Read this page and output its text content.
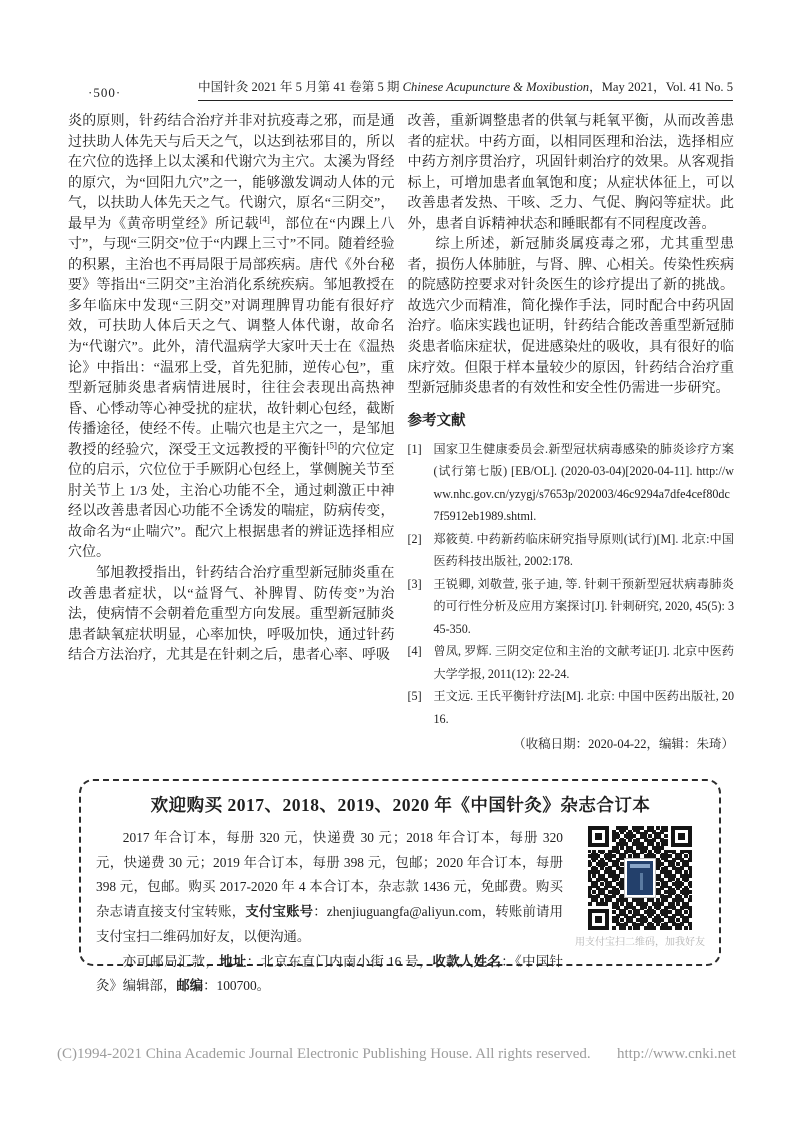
·500·	中国针灸 2021 年 5 月第 41 卷第 5 期 Chinese Acupuncture & Moxibustion，May 2021，Vol. 41 No. 5

炎的原则，针药结合治疗并非对抗疫毒之邪，而是通过扶助人体先天与后天之气，以达到祛邪目的，所以在穴位的选择上以太溪和代谢穴为主穴。太溪为肾经的原穴，为“回阳九穴”之一，能够激发调动人体的元气，以扶助人体先天之气。代谢穴，原名“三阴交”，最早为《黄帝明堂经》所记载[4]，部位在“内踝上八寸”，与现“三阴交”位于“内踝上三寸”不同。随着经验的积累，主治也不再局限于局部疾病。唐代《外台秘要》等指出“三阴交”主治消化系统疾病。邹旭教授在多年临床中发现“三阴交”对调理脾胃功能有很好疗效，可扶助人体后天之气、调整人体代谢，故命名为“代谢穴”。此外，清代温病学大家叶天士在《温热论》中指出：“温邪上受，首先犯肺，逆传心包”，重型新冠肺炎患者病情进展时，往往会表现出高热神昏、心悸动等心神受扰的症状，故针刺心包经，截断传播途径，使经不传。止喘穴也是主穴之一，是邹旭教授的经验穴，深受王文远教授的平衡针[5]的穴位定位的启示，穴位位于手厥阴心包经上，掌侧腕关节至肘关节上 1/3 处，主治心功能不全，通过刺激正中神经以改善患者因心功能不全诱发的喘症，防病传变，故命名为“止喘穴”。配穴上根据患者的辨证选择相应穴位。

邹旭教授指出，针药结合治疗重型新冠肺炎重在改善患者症状，以“益肾气、补脾胃、防传变”为治法，使病情不会朝着危重型方向发展。重型新冠肺炎患者缺氧症状明显，心率加快，呼吸加快，通过针药结合方法治疗，尤其是在针刺之后，患者心率、呼吸

改善，重新调整患者的供氧与耗氧平衡，从而改善患者的症状。中药方面，以相同医理和治法，选择相应中药方剂序贯治疗，巩固针刺治疗的效果。从客观指标上，可增加患者血氧饱和度；从症状体征上，可以改善患者发热、干咳、乏力、气促、胸闷等症状。此外，患者自诉精神状态和睡眠都有不同程度改善。

综上所述，新冠肺炎属疫毒之邪，尤其重型患者，损伤人体肺脏，与肾、脾、心相关。传染性疾病的院感防控要求对针灸医生的诊疗提出了新的挑战。故选穴少而精准，简化操作手法，同时配合中药巩固治疗。临床实践也证明，针药结合能改善重型新冠肺炎患者临床症状，促进感染灶的吸收，具有很好的临床疗效。但限于样本量较少的原因，针药结合治疗重型新冠肺炎患者的有效性和安全性仍需进一步研究。

参考文献
[1] 国家卫生健康委员会.新型冠状病毒感染的肺炎诊疗方案(试行第七版) [EB/OL]. (2020-03-04)[2020-04-11]. http://www.nhc.gov.cn/yzygj/s7653p/202003/46c9294a7dfe4cef80dc7f5912eb1989.shtml.
[2] 郑筱萸. 中药新药临床研究指导原则(试行)[M]. 北京:中国医药科技出版社, 2002:178.
[3] 王锐卿, 刘敬萱, 张子迪, 等. 针刺干预新型冠状病毒肺炎的可行性分析及应用方案探讨[J]. 针刺研究, 2020, 45(5): 345-350.
[4] 曾凤, 罗辉. 三阴交定位和主治的文献考证[J]. 北京中医药大学学报, 2011(12): 22-24.
[5] 王文远. 王氏平衡针疗法[M]. 北京: 中国中医药出版社, 2016.
（收稿日期：2020-04-22，编辑：朱琦）
欢迎购买 2017、2018、2019、2020 年《中国针灸》杂志合订本

2017 年合订本，每册 320 元，快递费 30 元；2018 年合订本，每册 320 元，快递费 30 元；2019 年合订本，每册 398 元，包邮；2020 年合订本，每册 398 元，包邮。购买 2017-2020 年 4 本合订本，杂志款 1436 元，免邮费。购买杂志请直接支付宝转账，支付宝账号：zhenjiuguangfa@aliyun.com，转账前请用支付宝扫二维码加好友，以便沟通。

亦可邮局汇款，地址：北京东直门内南小街 16 号，收款人姓名：《中国针灸》编辑部，邮编：100700。

用支付宝扫二维码，加我好友
(C)1994-2021 China Academic Journal Electronic Publishing House. All rights reserved. http://www.cnki.net
